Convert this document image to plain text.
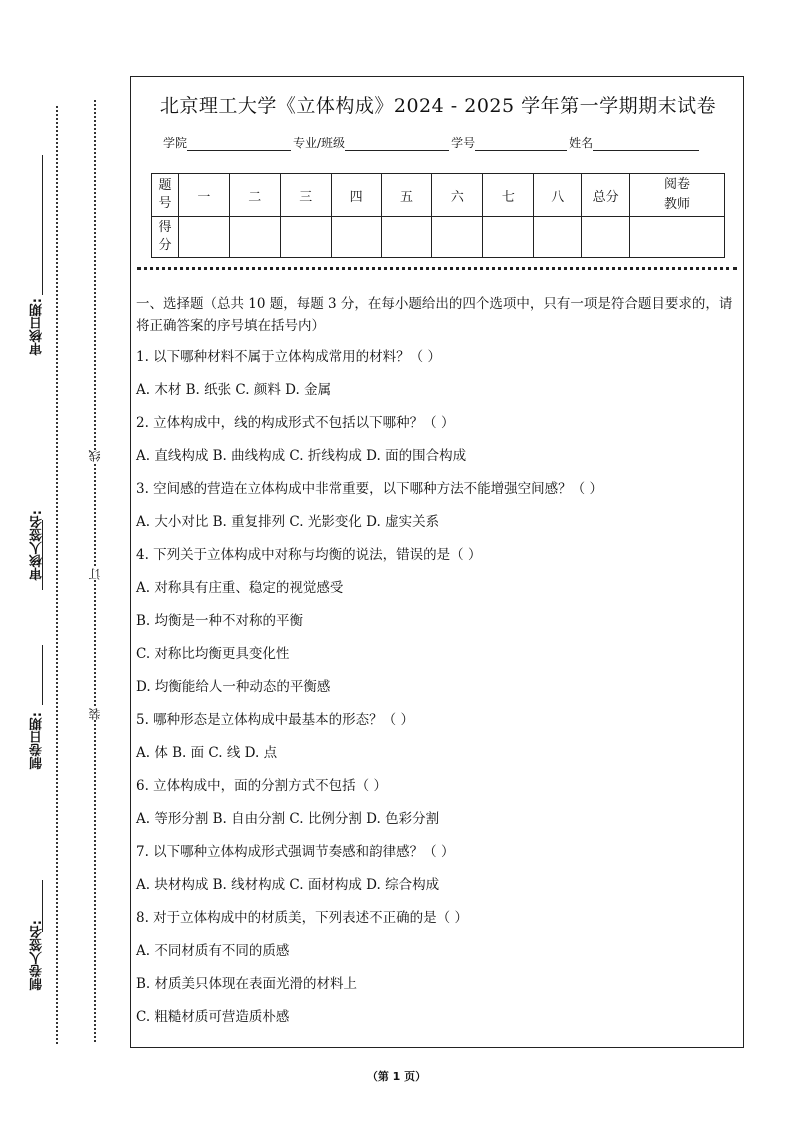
制卷人签名:
制卷日期:
审核人签名:
审核日期:
装
订
线
北京理工大学《立体构成》2024 - 2025 学年第一学期期末试卷
学院	专业/班级	学号	姓名
题号	一	二	三	四	五	六	七	八	总分	阅卷教师
得分										

一、选择题（总共 10 题，每题 3 分，在每小题给出的四个选项中，只有一项是符合题目要求的，请将正确答案的序号填在括号内）

1. 以下哪种材料不属于立体构成常用的材料？（ ）
A. 木材 B. 纸张 C. 颜料 D. 金属
2. 立体构成中，线的构成形式不包括以下哪种？（ ）
A. 直线构成 B. 曲线构成 C. 折线构成 D. 面的围合构成
3. 空间感的营造在立体构成中非常重要，以下哪种方法不能增强空间感？（ ）
A. 大小对比 B. 重复排列 C. 光影变化 D. 虚实关系
4. 下列关于立体构成中对称与均衡的说法，错误的是（ ）
A. 对称具有庄重、稳定的视觉感受
B. 均衡是一种不对称的平衡
C. 对称比均衡更具变化性
D. 均衡能给人一种动态的平衡感
5. 哪种形态是立体构成中最基本的形态？（ ）
A. 体 B. 面 C. 线 D. 点
6. 立体构成中，面的分割方式不包括（ ）
A. 等形分割 B. 自由分割 C. 比例分割 D. 色彩分割
7. 以下哪种立体构成形式强调节奏感和韵律感？（ ）
A. 块材构成 B. 线材构成 C. 面材构成 D. 综合构成
8. 对于立体构成中的材质美，下列表述不正确的是（ ）
A. 不同材质有不同的质感
B. 材质美只体现在表面光滑的材料上
C. 粗糙材质可营造质朴感
（第 1 页）
